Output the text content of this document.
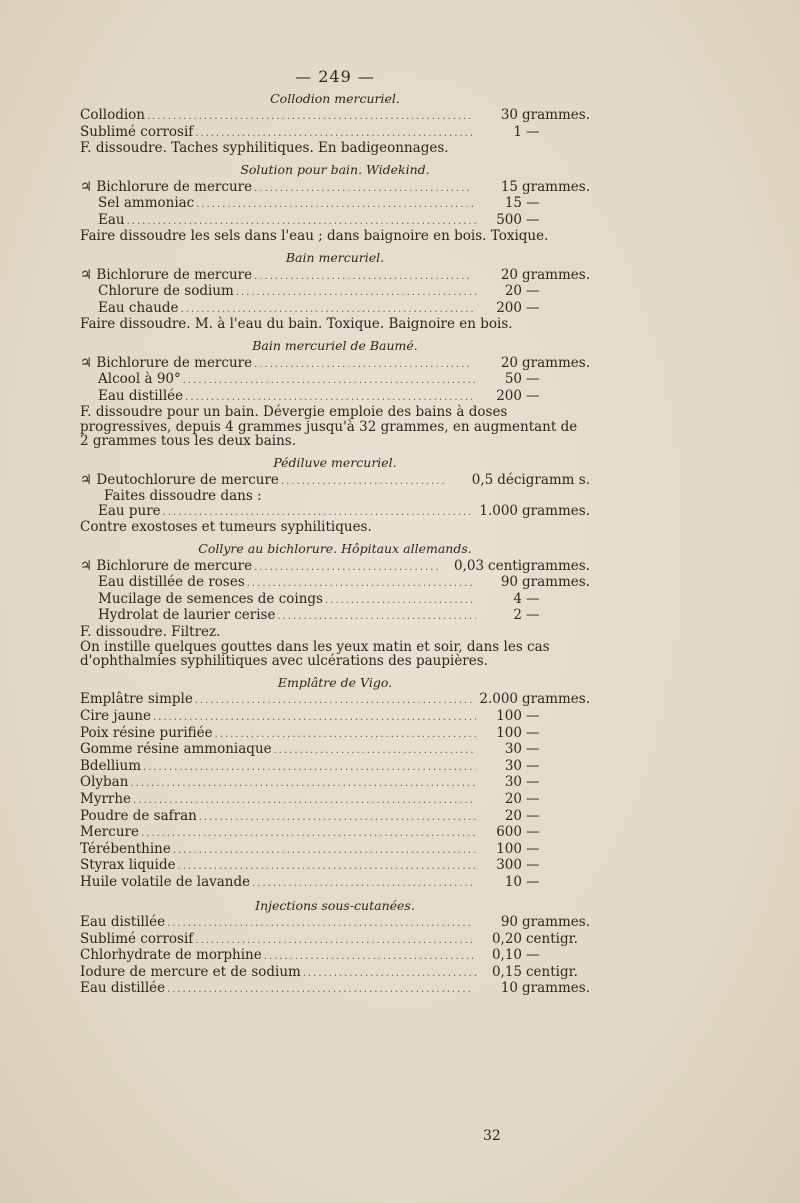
— 249 —
Collodion mercuriel.
Collodion .....	30 grammes.
Sublimé corrosif .....	1 —
F. dissoudre. Taches syphilitiques. En badigeonnages.
Solution pour bain. Widekind.
♃ Bichlorure de mercure .....	15 grammes.
Sel ammoniac .....	15 —
Eau .....	500 —
Faire dissoudre les sels dans l'eau ; dans baignoire en bois. Toxique.
Bain mercuriel.
♃ Bichlorure de mercure .....	20 grammes.
Chlorure de sodium .....	20 —
Eau chaude .....	200 —
Faire dissoudre. M. à l'eau du bain. Toxique. Baignoire en bois.
Bain mercuriel de Baumé.
♃ Bichlorure de mercure .....	20 grammes.
Alcool à 90° .....	50 —
Eau distillée .....	200 —
F. dissoudre pour un bain. Dévergie emploie des bains à doses progressives, depuis 4 grammes jusqu'à 32 grammes, en augmentant de 2 grammes tous les deux bains.
Pédiluve mercuriel.
♃ Deutochlorure de mercure .....	0,5 décigramm s.
Faites dissoudre dans :
Eau pure .....	1.000 grammes.
Contre exostoses et tumeurs syphilitiques.
Collyre au bichlorure. Hôpitaux allemands.
♃ Bichlorure de mercure .....	0,03 centigrammes.
Eau distillée de roses .....	90 grammes.
Mucilage de semences de coings .....	4 —
Hydrolat de laurier cerise .....	2 —
F. dissoudre. Filtrez.
On instille quelques gouttes dans les yeux matin et soir, dans les cas d'ophthalmies syphilitiques avec ulcérations des paupières.
Emplâtre de Vigo.
Emplâtre simple .....	2.000 grammes.
Cire jaune .....	100 —
Poix résine purifiée .....	100 —
Gomme résine ammoniaque .....	30 —
Bdellium .....	30 —
Olyban .....	30 —
Myrrhe .....	20 —
Poudre de safran .....	20 —
Mercure .....	600 —
Térébenthine .....	100 —
Styrax liquide .....	300 —
Huile volatile de lavande .....	10 —
Injections sous-cutanées.
Eau distillée .....	90 grammes.
Sublimé corrosif .....	0,20 centigr.
Chlorhydrate de morphine .....	0,10 —
Iodure de mercure et de sodium .....	0,15 centigr.
Eau distillée .....	10 grammes.
32
